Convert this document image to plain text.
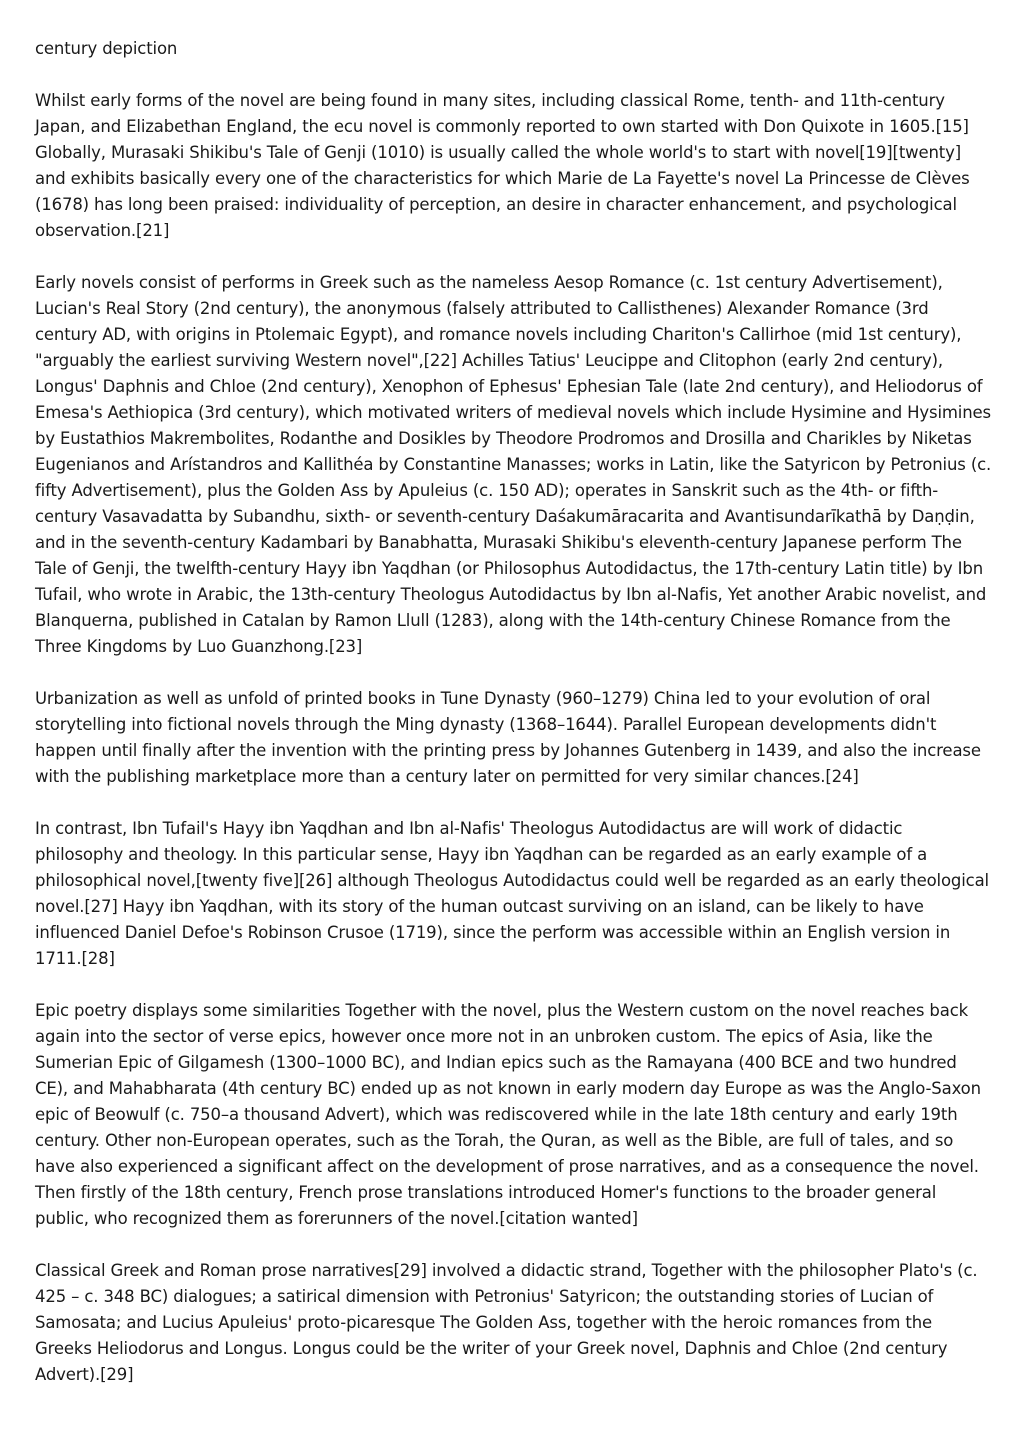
century depiction

Whilst early forms of the novel are being found in many sites, including classical Rome, tenth- and 11th-century Japan, and Elizabethan England, the ecu novel is commonly reported to own started with Don Quixote in 1605.[15] Globally, Murasaki Shikibu's Tale of Genji (1010) is usually called the whole world's to start with novel[19][twenty] and exhibits basically every one of the characteristics for which Marie de La Fayette's novel La Princesse de Clèves (1678) has long been praised: individuality of perception, an desire in character enhancement, and psychological observation.[21]

Early novels consist of performs in Greek such as the nameless Aesop Romance (c. 1st century Advertisement), Lucian's Real Story (2nd century), the anonymous (falsely attributed to Callisthenes) Alexander Romance (3rd century AD, with origins in Ptolemaic Egypt), and romance novels including Chariton's Callirhoe (mid 1st century), "arguably the earliest surviving Western novel",[22] Achilles Tatius' Leucippe and Clitophon (early 2nd century), Longus' Daphnis and Chloe (2nd century), Xenophon of Ephesus' Ephesian Tale (late 2nd century), and Heliodorus of Emesa's Aethiopica (3rd century), which motivated writers of medieval novels which include Hysimine and Hysimines by Eustathios Makrembolites, Rodanthe and Dosikles by Theodore Prodromos and Drosilla and Charikles by Niketas Eugenianos and Arístandros and Kallithéa by Constantine Manasses; works in Latin, like the Satyricon by Petronius (c. fifty Advertisement), plus the Golden Ass by Apuleius (c. 150 AD); operates in Sanskrit such as the 4th- or fifth- century Vasavadatta by Subandhu, sixth- or seventh-century Daśakumāracarita and Avantisundarīkathā by Daṇḍin, and in the seventh-century Kadambari by Banabhatta, Murasaki Shikibu's eleventh-century Japanese perform The Tale of Genji, the twelfth-century Hayy ibn Yaqdhan (or Philosophus Autodidactus, the 17th-century Latin title) by Ibn Tufail, who wrote in Arabic, the 13th-century Theologus Autodidactus by Ibn al-Nafis, Yet another Arabic novelist, and Blanquerna, published in Catalan by Ramon Llull (1283), along with the 14th-century Chinese Romance from the Three Kingdoms by Luo Guanzhong.[23]

Urbanization as well as unfold of printed books in Tune Dynasty (960–1279) China led to your evolution of oral storytelling into fictional novels through the Ming dynasty (1368–1644). Parallel European developments didn't happen until finally after the invention with the printing press by Johannes Gutenberg in 1439, and also the increase with the publishing marketplace more than a century later on permitted for very similar chances.[24]

In contrast, Ibn Tufail's Hayy ibn Yaqdhan and Ibn al-Nafis' Theologus Autodidactus are will work of didactic philosophy and theology. In this particular sense, Hayy ibn Yaqdhan can be regarded as an early example of a philosophical novel,[twenty five][26] although Theologus Autodidactus could well be regarded as an early theological novel.[27] Hayy ibn Yaqdhan, with its story of the human outcast surviving on an island, can be likely to have influenced Daniel Defoe's Robinson Crusoe (1719), since the perform was accessible within an English version in 1711.[28]

Epic poetry displays some similarities Together with the novel, plus the Western custom on the novel reaches back again into the sector of verse epics, however once more not in an unbroken custom. The epics of Asia, like the Sumerian Epic of Gilgamesh (1300–1000 BC), and Indian epics such as the Ramayana (400 BCE and two hundred CE), and Mahabharata (4th century BC) ended up as not known in early modern day Europe as was the Anglo-Saxon epic of Beowulf (c. 750–a thousand Advert), which was rediscovered while in the late 18th century and early 19th century. Other non-European operates, such as the Torah, the Quran, as well as the Bible, are full of tales, and so have also experienced a significant affect on the development of prose narratives, and as a consequence the novel. Then firstly of the 18th century, French prose translations introduced Homer's functions to the broader general public, who recognized them as forerunners of the novel.[citation wanted]

Classical Greek and Roman prose narratives[29] involved a didactic strand, Together with the philosopher Plato's (c. 425 – c. 348 BC) dialogues; a satirical dimension with Petronius' Satyricon; the outstanding stories of Lucian of Samosata; and Lucius Apuleius' proto-picaresque The Golden Ass, together with the heroic romances from the Greeks Heliodorus and Longus. Longus could be the writer of your Greek novel, Daphnis and Chloe (2nd century Advert).[29]
